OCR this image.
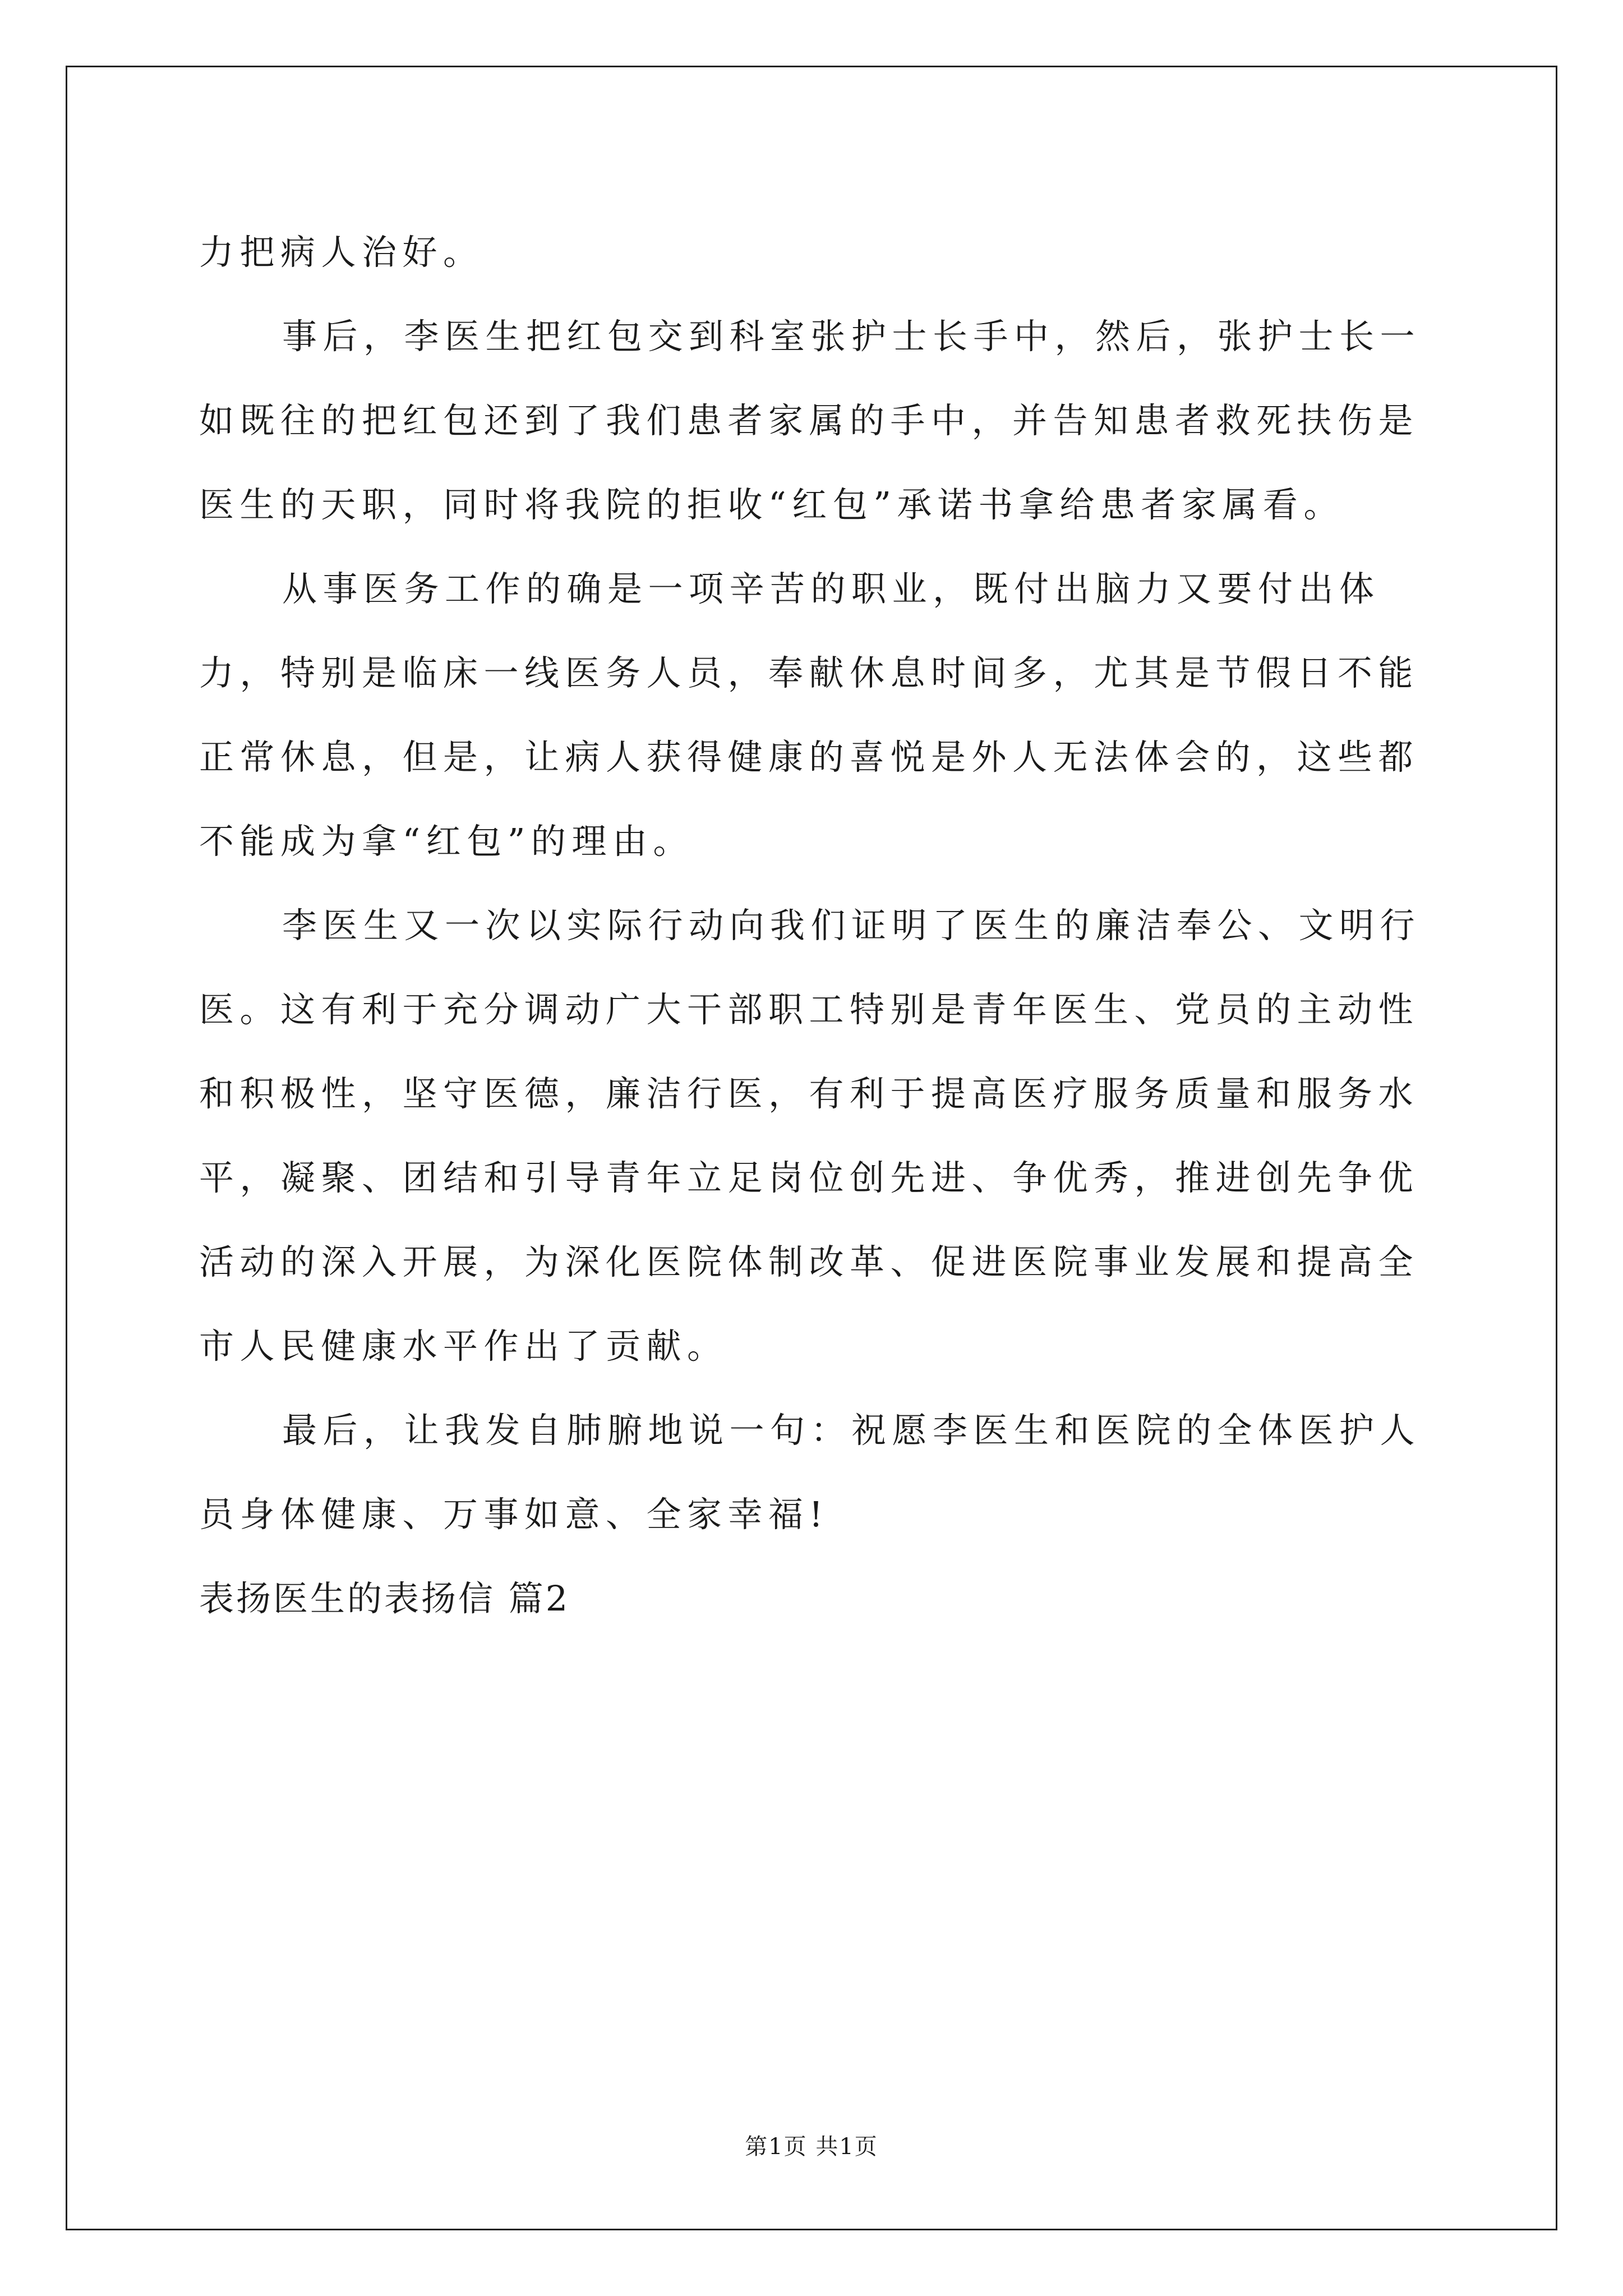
力把病人治好。

事后，李医生把红包交到科室张护士长手中，然后，张护士长一如既往的把红包还到了我们患者家属的手中，并告知患者救死扶伤是医生的天职，同时将我院的拒收“红包”承诺书拿给患者家属看。

从事医务工作的确是一项辛苦的职业，既付出脑力又要付出体力，特别是临床一线医务人员，奉献休息时间多，尤其是节假日不能正常休息，但是，让病人获得健康的喜悦是外人无法体会的，这些都不能成为拿“红包”的理由。

李医生又一次以实际行动向我们证明了医生的廉洁奉公、文明行医。这有利于充分调动广大干部职工特别是青年医生、党员的主动性和积极性，坚守医德，廉洁行医，有利于提高医疗服务质量和服务水平，凝聚、团结和引导青年立足岗位创先进、争优秀，推进创先争优活动的深入开展，为深化医院体制改革、促进医院事业发展和提高全市人民健康水平作出了贡献。

最后，让我发自肺腑地说一句：祝愿李医生和医院的全体医护人员身体健康、万事如意、全家幸福!

表扬医生的表扬信 篇2

第1页 共1页
